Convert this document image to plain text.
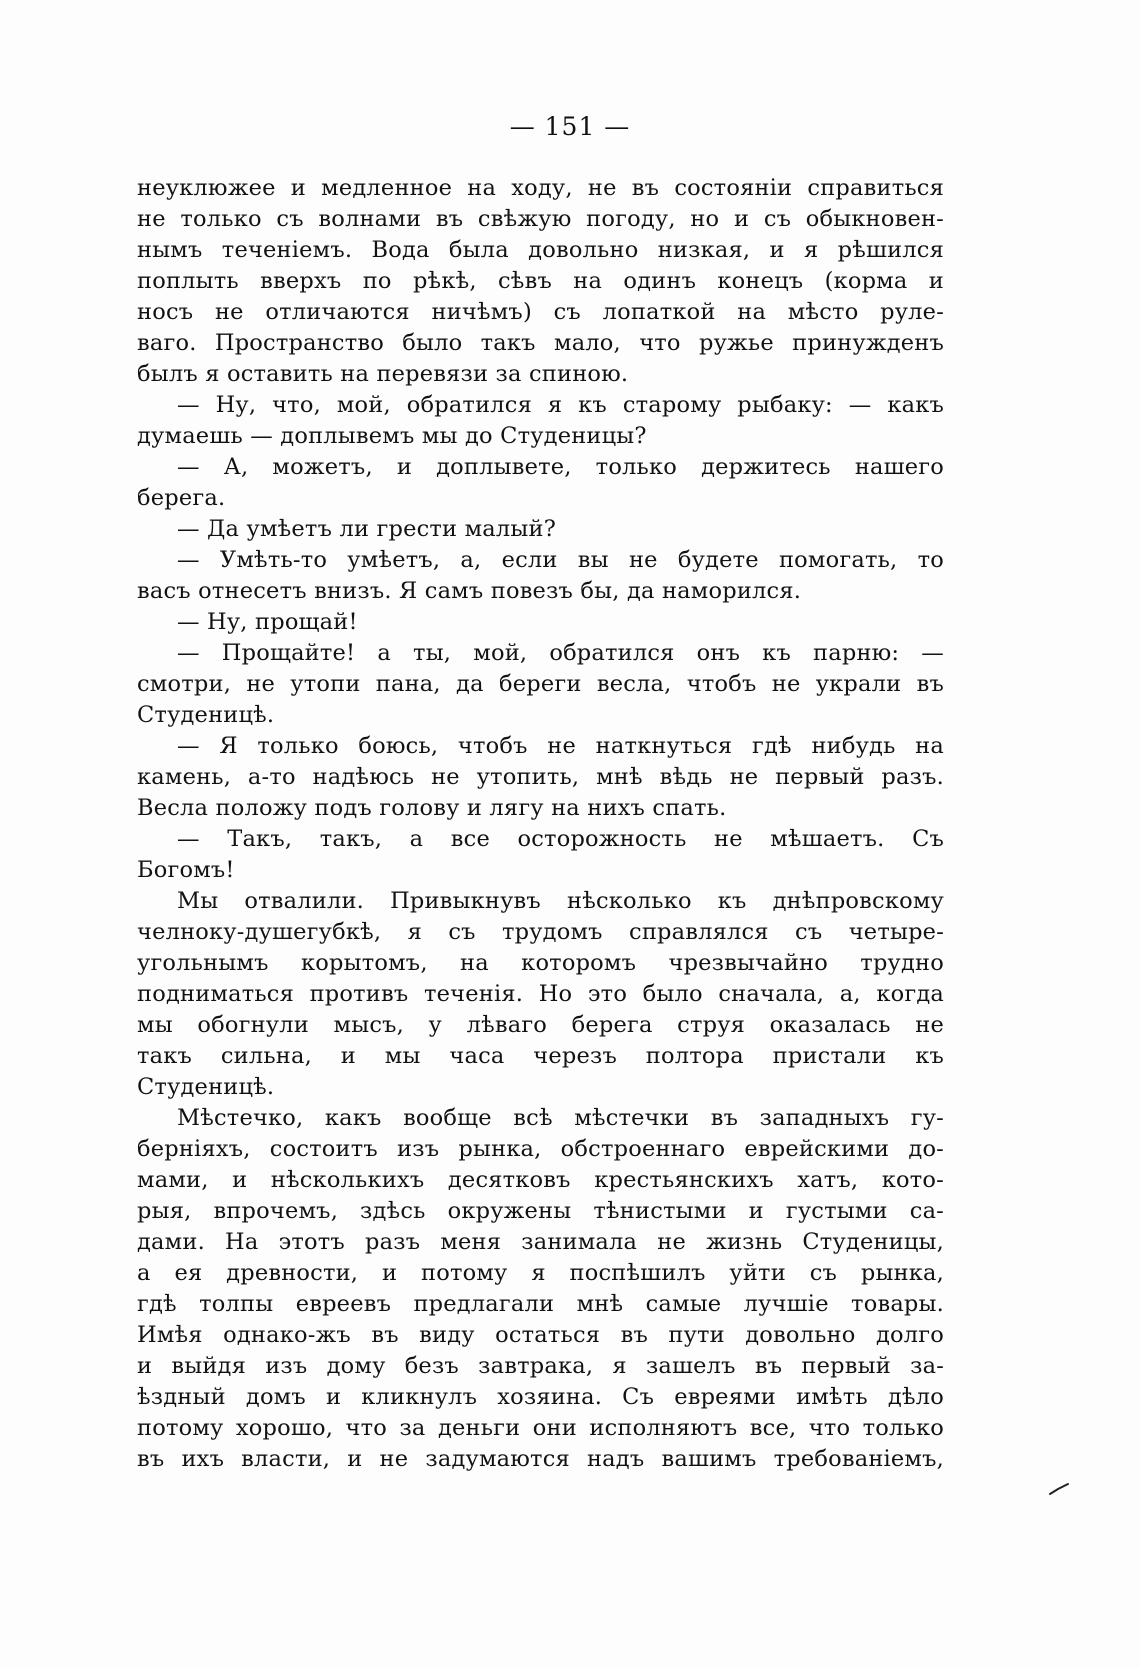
— 151 —
неуклюжее и медленное на ходу, не въ состоянiи справиться
не только съ волнами въ свѣжую погоду, но и съ обыкновен-
нымъ теченiемъ. Вода была довольно низкая, и я рѣшился
поплыть вверхъ по рѣкѣ, сѣвъ на одинъ конецъ (корма и
носъ не отличаются ничѣмъ) съ лопаткой на мѣсто руле-
ваго. Пространство было такъ мало, что ружье принужденъ
былъ я оставить на перевязи за спиною.
— Ну, что, мой, обратился я къ старому рыбаку: — какъ
думаешь — доплывемъ мы до Студеницы?
— А, можетъ, и доплывете, только держитесь нашего
берега.
— Да умѣетъ ли грести малый?
— Умѣть-то умѣетъ, а, если вы не будете помогать, то
васъ отнесетъ внизъ. Я самъ повезъ бы, да наморился.
— Ну, прощай!
— Прощайте! а ты, мой, обратился онъ къ парню: —
смотри, не утопи пана, да береги весла, чтобъ не украли въ
Студеницѣ.
— Я только боюсь, чтобъ не наткнуться гдѣ нибудь на
камень, а-то надѣюсь не утопить, мнѣ вѣдь не первый разъ.
Весла положу подъ голову и лягу на нихъ спать.
— Такъ, такъ, а все осторожность не мѣшаетъ. Съ
Богомъ!
Мы отвалили. Привыкнувъ нѣсколько къ днѣпровскому
челноку-душегубкѣ, я съ трудомъ справлялся съ четыре-
угольнымъ корытомъ, на которомъ чрезвычайно трудно
подниматься противъ теченiя. Но это было сначала, а, когда
мы обогнули мысъ, у лѣваго берега струя оказалась не
такъ сильна, и мы часа черезъ полтора пристали къ
Студеницѣ.
Мѣстечко, какъ вообще всѣ мѣстечки въ западныхъ гу-
бернiяхъ, состоитъ изъ рынка, обстроеннаго еврейскими до-
мами, и нѣсколькихъ десятковъ крестьянскихъ хатъ, кото-
рыя, впрочемъ, здѣсь окружены тѣнистыми и густыми са-
дами. На этотъ разъ меня занимала не жизнь Студеницы,
а ея древности, и потому я поспѣшилъ уйти съ рынка,
гдѣ толпы евреевъ предлагали мнѣ самые лучшiе товары.
Имѣя однако-жъ въ виду остаться въ пути довольно долго
и выйдя изъ дому безъ завтрака, я зашелъ въ первый за-
ѣздный домъ и кликнулъ хозяина. Съ евреями имѣть дѣло
потому хорошо, что за деньги они исполняютъ все, что только
въ ихъ власти, и не задумаются надъ вашимъ требованiемъ,
